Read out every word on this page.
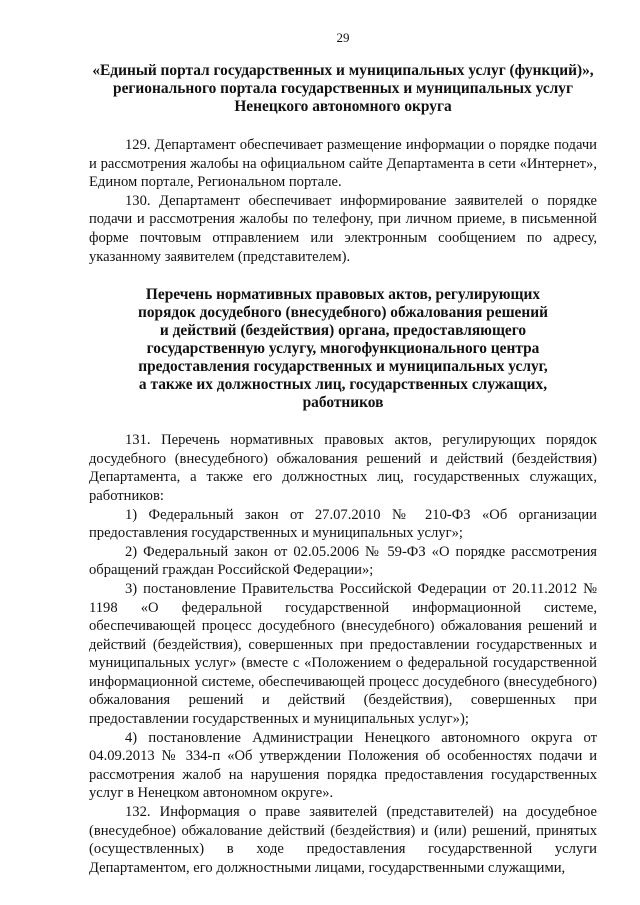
29
«Единый портал государственных и муниципальных услуг (функций)»,
регионального портала государственных и муниципальных услуг
Ненецкого автономного округа

129. Департамент обеспечивает размещение информации о порядке подачи и рассмотрения жалобы на официальном сайте Департамента в сети «Интернет», Едином портале, Региональном портале.

130. Департамент обеспечивает информирование заявителей о порядке подачи и рассмотрения жалобы по телефону, при личном приеме, в письменной форме почтовым отправлением или электронным сообщением по адресу, указанному заявителем (представителем).

Перечень нормативных правовых актов, регулирующих
порядок досудебного (внесудебного) обжалования решений
и действий (бездействия) органа, предоставляющего
государственную услугу, многофункционального центра
предоставления государственных и муниципальных услуг,
а также их должностных лиц, государственных служащих,
работников

131. Перечень нормативных правовых актов, регулирующих порядок досудебного (внесудебного) обжалования решений и действий (бездействия) Департамента, а также его должностных лиц, государственных служащих, работников:

1) Федеральный закон от 27.07.2010 № 210-ФЗ «Об организации предоставления государственных и муниципальных услуг»;

2) Федеральный закон от 02.05.2006 № 59-ФЗ «О порядке рассмотрения обращений граждан Российской Федерации»;

3) постановление Правительства Российской Федерации от 20.11.2012 № 1198 «О федеральной государственной информационной системе, обеспечивающей процесс досудебного (внесудебного) обжалования решений и действий (бездействия), совершенных при предоставлении государственных и муниципальных услуг» (вместе с «Положением о федеральной государственной информационной системе, обеспечивающей процесс досудебного (внесудебного) обжалования решений и действий (бездействия), совершенных при предоставлении государственных и муниципальных услуг»);

4) постановление Администрации Ненецкого автономного округа от 04.09.2013 № 334-п «Об утверждении Положения об особенностях подачи и рассмотрения жалоб на нарушения порядка предоставления государственных услуг в Ненецком автономном округе».

132. Информация о праве заявителей (представителей) на досудебное (внесудебное) обжалование действий (бездействия) и (или) решений, принятых (осуществленных) в ходе предоставления государственной услуги Департаментом, его должностными лицами, государственными служащими,
